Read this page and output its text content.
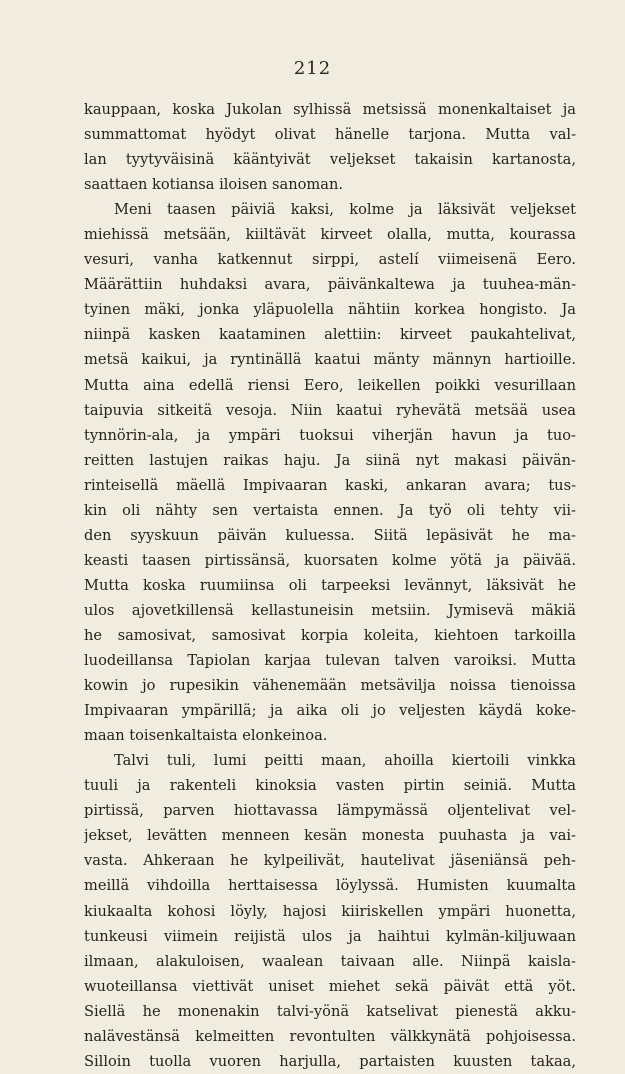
212
kauppaan, koska Jukolan sylhissä metsissä monenkaltaiset ja
summattomat hyödyt olivat hänelle tarjona. Mutta val-
lan tyytyväisinä kääntyivät veljekset takaisin kartanosta,
saattaen kotiansa iloisen sanoman.
Meni taasen päiviä kaksi, kolme ja läksivät veljekset
miehissä metsään, kiiltävät kirveet olalla, mutta, kourassa
vesuri, vanha katkennut sirppi, astelí viimeisenä Eero.
Määrättiin huhdaksi avara, päivänkaltewa ja tuuhea-män-
tyinen mäki, jonka yläpuolella nähtiin korkea hongisto. Ja
niinpä kasken kaataminen alettiin: kirveet paukahtelivat,
metsä kaikui, ja ryntinällä kaatui mänty männyn hartioille.
Mutta aina edellä riensi Eero, leikellen poikki vesurillaan
taipuvia sitkeitä vesoja. Niin kaatui ryhevätä metsää usea
tynnörin-ala, ja ympäri tuoksui viherjän havun ja tuo-
reitten lastujen raikas haju. Ja siinä nyt makasi päivän-
rinteisellä mäellä Impivaaran kaski, ankaran avara; tus-
kin oli nähty sen vertaista ennen. Ja työ oli tehty vii-
den syyskuun päivän kuluessa. Siitä lepäsivät he ma-
keasti taasen pirtissänsä, kuorsaten kolme yötä ja päivää.
Mutta koska ruumiinsa oli tarpeeksi levännyt, läksivät he
ulos ajovetkillensä kellastuneisin metsiin. Jymisevä mäkiä
he samosivat, samosivat korpia koleita, kiehtoen tarkoilla
luodeillansa Tapiolan karjaa tulevan talven varoiksi. Mutta
kowin jo rupesikin vähenemään metsävilja noissa tienoissa
Impivaaran ympärillä; ja aika oli jo veljesten käydä koke-
maan toisenkaltaista elonkeinoa.
Talvi tuli, lumi peitti maan, ahoilla kiertoili vinkka
tuuli ja rakenteli kinoksia vasten pirtin seiniä. Mutta
pirtissä, parven hiottavassa lämpymässä oljentelivat vel-
jekset, levätten menneen kesän monesta puuhasta ja vai-
vasta. Ahkeraan he kylpeilivät, hautelivat jäseniänsä peh-
meillä vihdoilla herttaisessa löylyssä. Humisten kuumalta
kiukaalta kohosi löyly, hajosi kiiriskellen ympäri huonetta,
tunkeusi viimein reijistä ulos ja haihtui kylmän-kiljuwaan
ilmaan, alakuloisen, waalean taivaan alle. Niinpä kaisla-
wuoteillansa viettivät uniset miehet sekä päivät että yöt.
Siellä he monenakin talvi-yönä katselivat pienestä akku-
nalävestänsä kelmeitten revontulten välkkynätä pohjoisessa.
Silloin tuolla vuoren harjulla, partaisten kuusten takaa,
